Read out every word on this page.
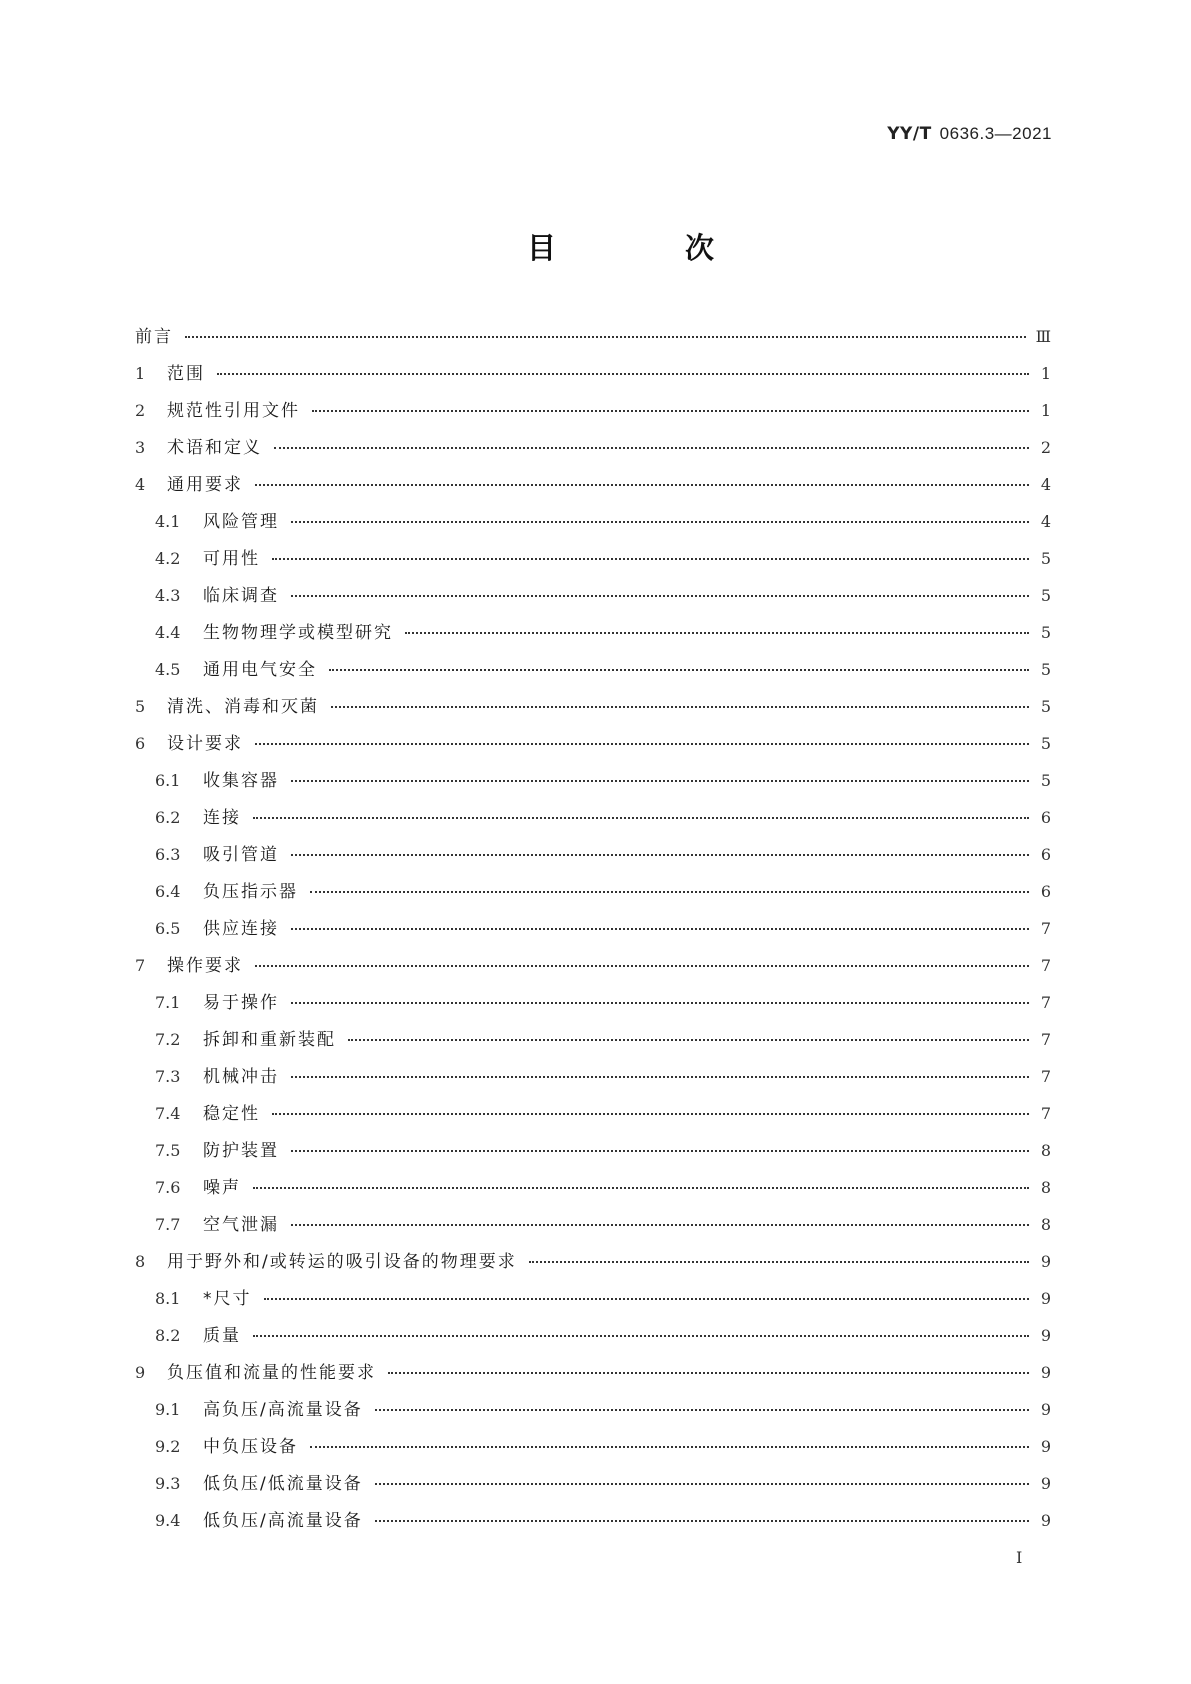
YY/T 0636.3—2021
目　次
前言	Ⅲ
1	范围	1
2	规范性引用文件	1
3	术语和定义	2
4	通用要求	4
4.1	风险管理	4
4.2	可用性	5
4.3	临床调查	5
4.4	生物物理学或模型研究	5
4.5	通用电气安全	5
5	清洗、消毒和灭菌	5
6	设计要求	5
6.1	收集容器	5
6.2	连接	6
6.3	吸引管道	6
6.4	负压指示器	6
6.5	供应连接	7
7	操作要求	7
7.1	易于操作	7
7.2	拆卸和重新装配	7
7.3	机械冲击	7
7.4	稳定性	7
7.5	防护装置	8
7.6	噪声	8
7.7	空气泄漏	8
8	用于野外和/或转运的吸引设备的物理要求	9
8.1	*尺寸	9
8.2	质量	9
9	负压值和流量的性能要求	9
9.1	高负压/高流量设备	9
9.2	中负压设备	9
9.3	低负压/低流量设备	9
9.4	低负压/高流量设备	9
I
